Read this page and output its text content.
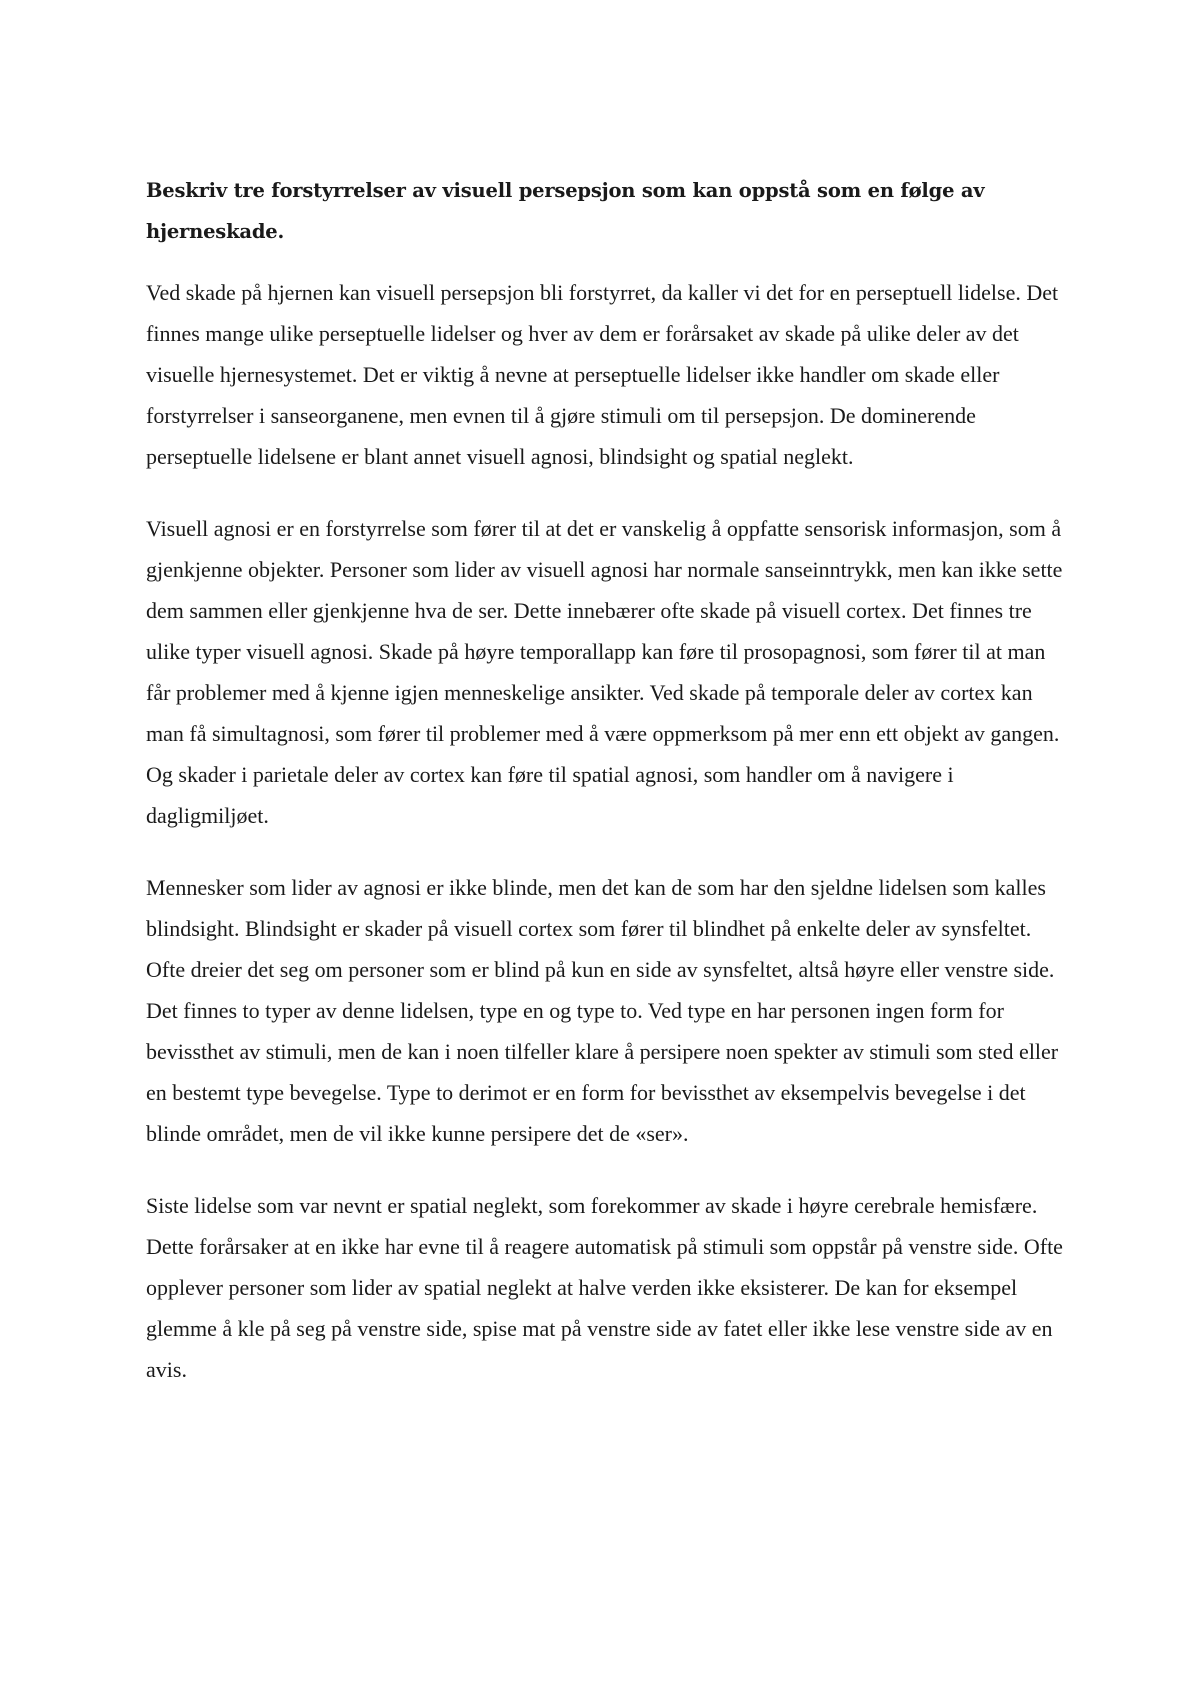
Beskriv tre forstyrrelser av visuell persepsjon som kan oppstå som en følge av hjerneskade.

Ved skade på hjernen kan visuell persepsjon bli forstyrret, da kaller vi det for en perseptuell lidelse. Det finnes mange ulike perseptuelle lidelser og hver av dem er forårsaket av skade på ulike deler av det visuelle hjernesystemet. Det er viktig å nevne at perseptuelle lidelser ikke handler om skade eller forstyrrelser i sanseorganene, men evnen til å gjøre stimuli om til persepsjon. De dominerende perseptuelle lidelsene er blant annet visuell agnosi, blindsight og spatial neglekt.

Visuell agnosi er en forstyrrelse som fører til at det er vanskelig å oppfatte sensorisk informasjon, som å gjenkjenne objekter. Personer som lider av visuell agnosi har normale sanseinntrykk, men kan ikke sette dem sammen eller gjenkjenne hva de ser. Dette innebærer ofte skade på visuell cortex. Det finnes tre ulike typer visuell agnosi. Skade på høyre temporallapp kan føre til prosopagnosi, som fører til at man får problemer med å kjenne igjen menneskelige ansikter. Ved skade på temporale deler av cortex kan man få simultagnosi, som fører til problemer med å være oppmerksom på mer enn ett objekt av gangen. Og skader i parietale deler av cortex kan føre til spatial agnosi, som handler om å navigere i dagligmiljøet.

Mennesker som lider av agnosi er ikke blinde, men det kan de som har den sjeldne lidelsen som kalles blindsight. Blindsight er skader på visuell cortex som fører til blindhet på enkelte deler av synsfeltet. Ofte dreier det seg om personer som er blind på kun en side av synsfeltet, altså høyre eller venstre side. Det finnes to typer av denne lidelsen, type en og type to. Ved type en har personen ingen form for bevissthet av stimuli, men de kan i noen tilfeller klare å persipere noen spekter av stimuli som sted eller en bestemt type bevegelse. Type to derimot er en form for bevissthet av eksempelvis bevegelse i det blinde området, men de vil ikke kunne persipere det de «ser».

Siste lidelse som var nevnt er spatial neglekt, som forekommer av skade i høyre cerebrale hemisfære. Dette forårsaker at en ikke har evne til å reagere automatisk på stimuli som oppstår på venstre side. Ofte opplever personer som lider av spatial neglekt at halve verden ikke eksisterer. De kan for eksempel glemme å kle på seg på venstre side, spise mat på venstre side av fatet eller ikke lese venstre side av en avis.
